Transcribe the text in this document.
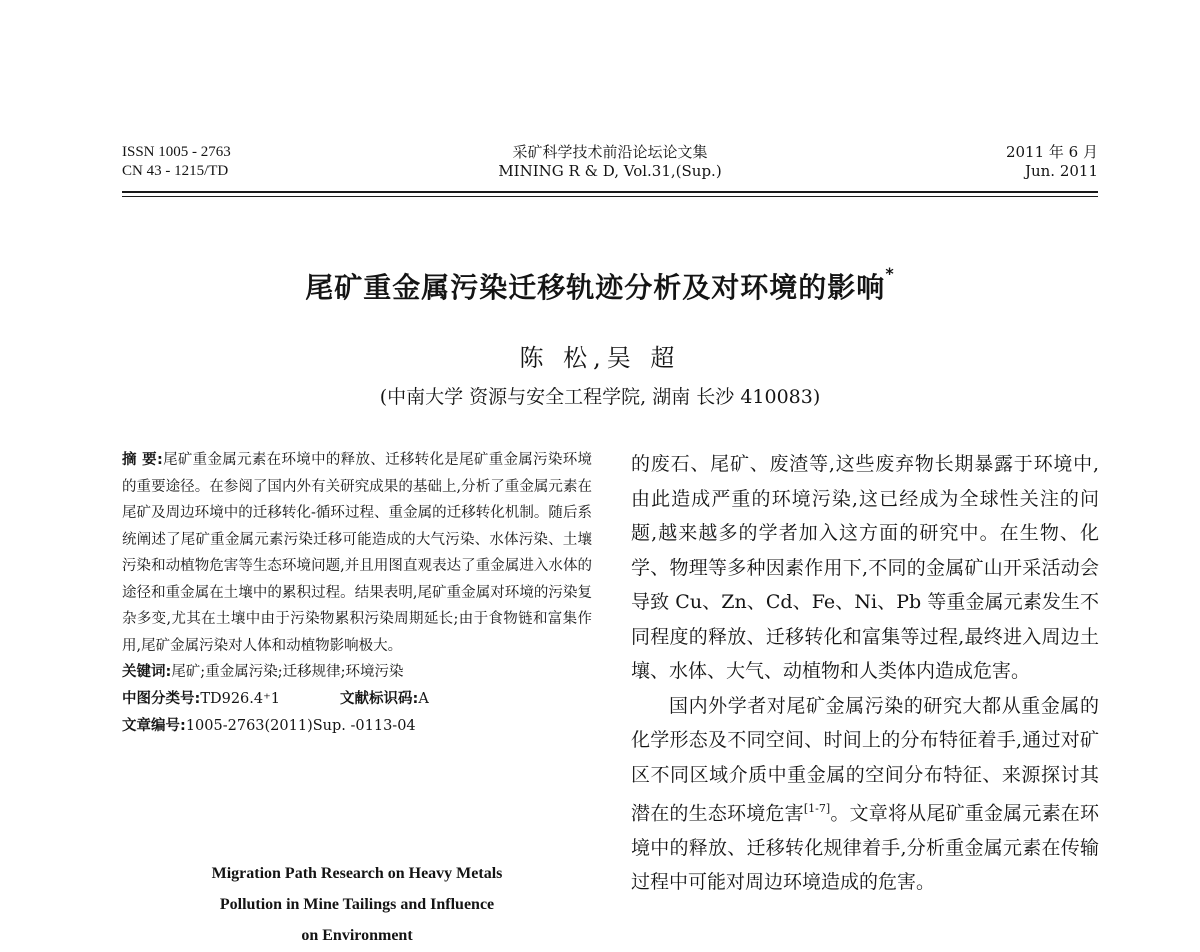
ISSN 1005 - 2763
CN 43 - 1215/TD
采矿科学技术前沿论坛论文集
MINING R & D, Vol.31,(Sup.)
2011 年 6 月
Jun. 2011
尾矿重金属污染迁移轨迹分析及对环境的影响*
陈 松,吴 超
(中南大学 资源与安全工程学院, 湖南 长沙 410083)
摘 要:尾矿重金属元素在环境中的释放、迁移转化是尾矿重金属污染环境的重要途径。在参阅了国内外有关研究成果的基础上,分析了重金属元素在尾矿及周边环境中的迁移转化-循环过程、重金属的迁移转化机制。随后系统阐述了尾矿重金属元素污染迁移可能造成的大气污染、水体污染、土壤污染和动植物危害等生态环境问题,并且用图直观表达了重金属进入水体的途径和重金属在土壤中的累积过程。结果表明,尾矿重金属对环境的污染复杂多变,尤其在土壤中由于污染物累积污染周期延长;由于食物链和富集作用,尾矿金属污染对人体和动植物影响极大。
关键词:尾矿;重金属污染;迁移规律;环境污染
中图分类号:TD926.4⁺1	文献标识码:A
文章编号:1005-2763(2011)Sup. -0113-04
Migration Path Research on Heavy Metals
Pollution in Mine Tailings and Influence
on Environment

的废石、尾矿、废渣等,这些废弃物长期暴露于环境中,由此造成严重的环境污染,这已经成为全球性关注的问题,越来越多的学者加入这方面的研究中。在生物、化学、物理等多种因素作用下,不同的金属矿山开采活动会导致 Cu、Zn、Cd、Fe、Ni、Pb 等重金属元素发生不同程度的释放、迁移转化和富集等过程,最终进入周边土壤、水体、大气、动植物和人类体内造成危害。

国内外学者对尾矿金属污染的研究大都从重金属的化学形态及不同空间、时间上的分布特征着手,通过对矿区不同区域介质中重金属的空间分布特征、来源探讨其潜在的生态环境危害[1-7]。文章将从尾矿重金属元素在环境中的释放、迁移转化规律着手,分析重金属元素在传输过程中可能对周边环境造成的危害。
